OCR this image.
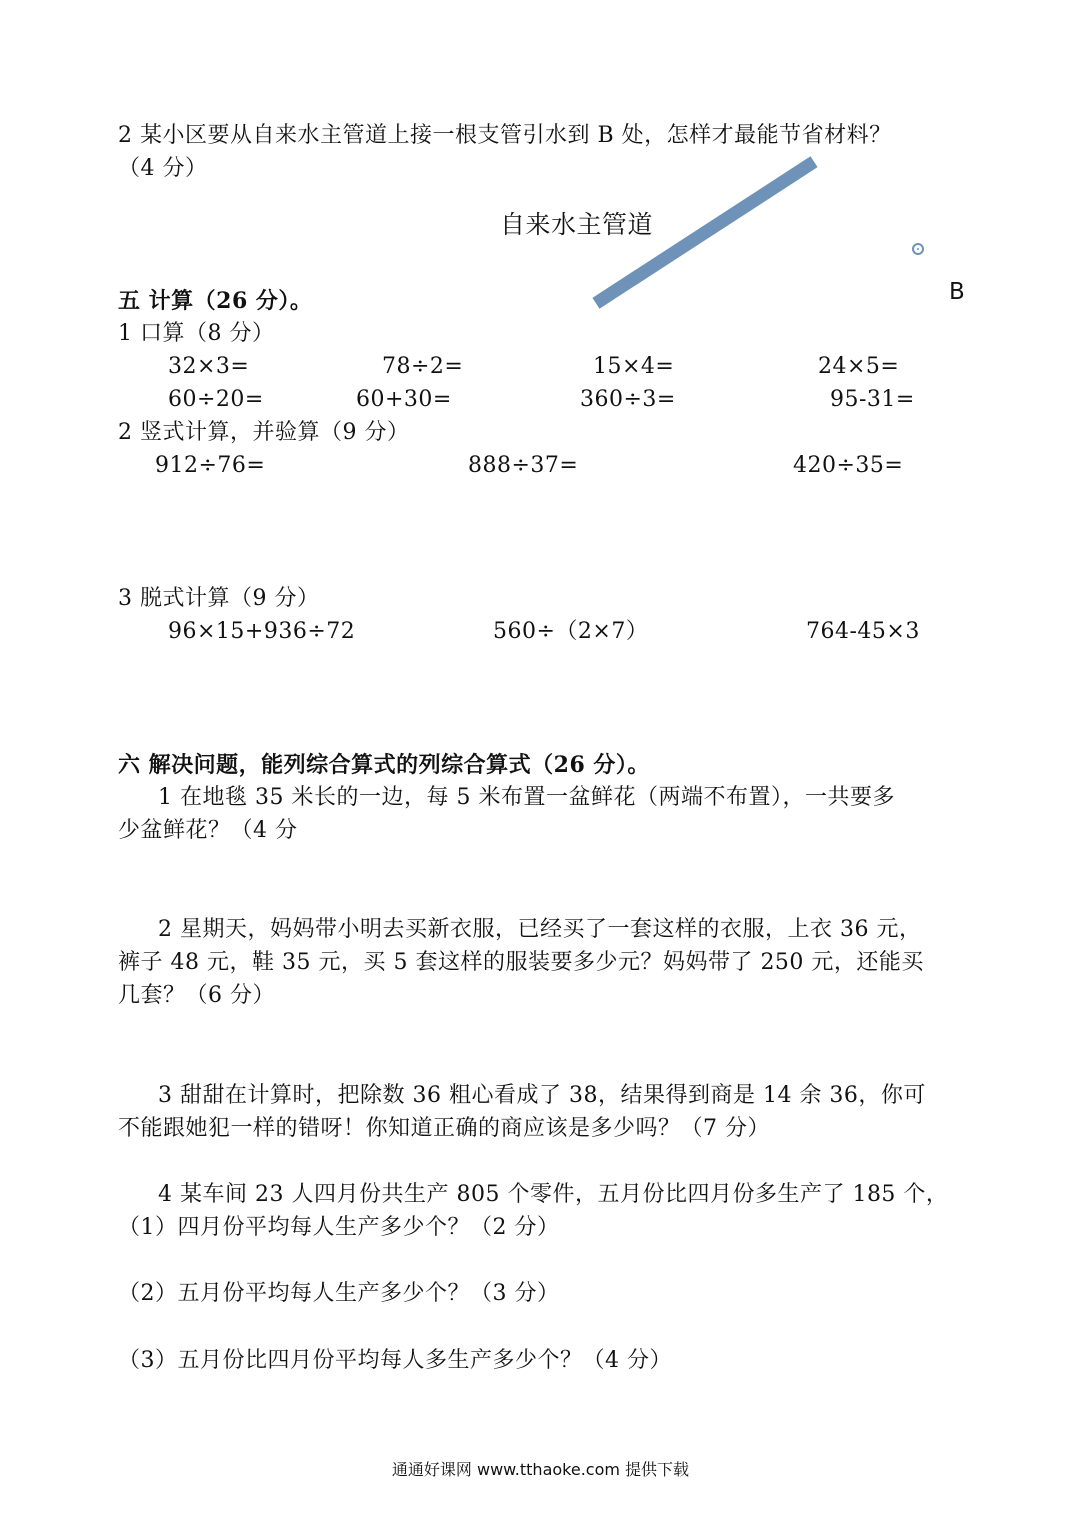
2 某小区要从自来水主管道上接一根支管引水到 B 处，怎样才最能节省材料？
（4 分）
自来水主管道
B
五 计算（26 分）。
1 口算（8 分）
32×3=	78÷2=	15×4=	24×5=
60÷20=	60+30=	360÷3=	95-31=
2 竖式计算，并验算（9 分）
912÷76=	888÷37=	420÷35=
3 脱式计算（9 分）
96×15+936÷72	560÷（2×7）	764-45×3
六 解决问题，能列综合算式的列综合算式（26 分）。
1 在地毯 35 米长的一边，每 5 米布置一盆鲜花（两端不布置），一共要多
少盆鲜花？（4 分
2 星期天，妈妈带小明去买新衣服，已经买了一套这样的衣服，上衣 36 元，
裤子 48 元，鞋 35 元，买 5 套这样的服装要多少元？妈妈带了 250 元，还能买
几套？（6 分）
3 甜甜在计算时，把除数 36 粗心看成了 38，结果得到商是 14 余 36，你可
不能跟她犯一样的错呀！你知道正确的商应该是多少吗？（7 分）
4 某车间 23 人四月份共生产 805 个零件，五月份比四月份多生产了 185 个，
（1）四月份平均每人生产多少个？（2 分）
（2）五月份平均每人生产多少个？（3 分）
（3）五月份比四月份平均每人多生产多少个？（4 分）
通通好课网 www.tthaoke.com 提供下载
